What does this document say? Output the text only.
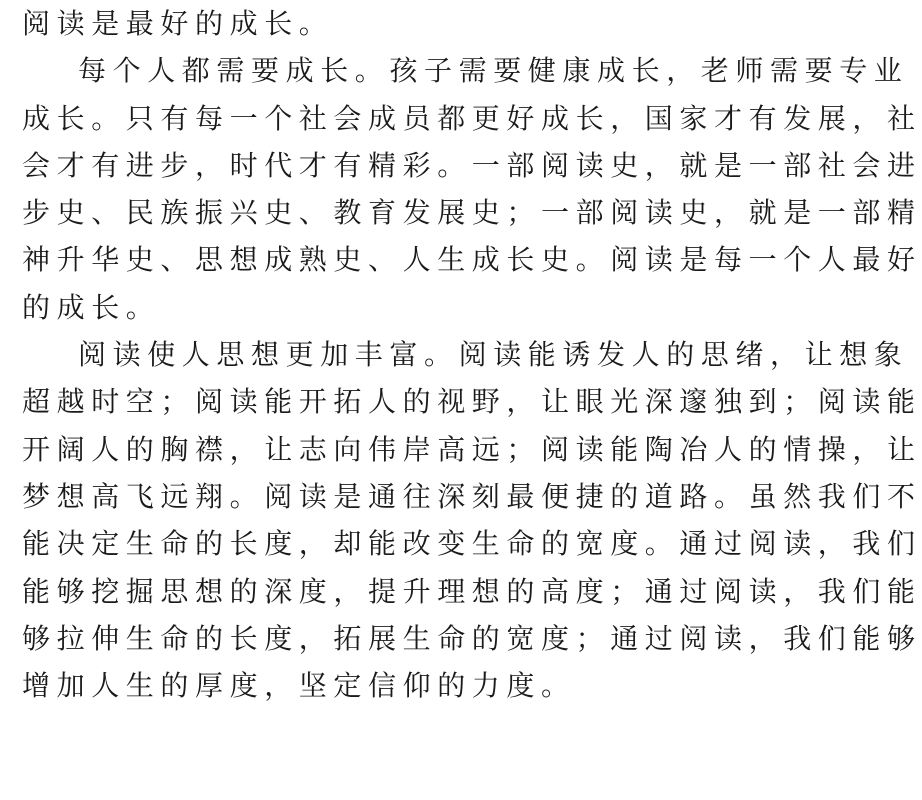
阅读是最好的成长。
每个人都需要成长。孩子需要健康成长，老师需要专业
成长。只有每一个社会成员都更好成长，国家才有发展，社
会才有进步，时代才有精彩。一部阅读史，就是一部社会进
步史、民族振兴史、教育发展史；一部阅读史，就是一部精
神升华史、思想成熟史、人生成长史。阅读是每一个人最好
的成长。
阅读使人思想更加丰富。阅读能诱发人的思绪，让想象
超越时空；阅读能开拓人的视野，让眼光深邃独到；阅读能
开阔人的胸襟，让志向伟岸高远；阅读能陶冶人的情操，让
梦想高飞远翔。阅读是通往深刻最便捷的道路。虽然我们不
能决定生命的长度，却能改变生命的宽度。通过阅读，我们
能够挖掘思想的深度，提升理想的高度；通过阅读，我们能
够拉伸生命的长度，拓展生命的宽度；通过阅读，我们能够
增加人生的厚度，坚定信仰的力度。
